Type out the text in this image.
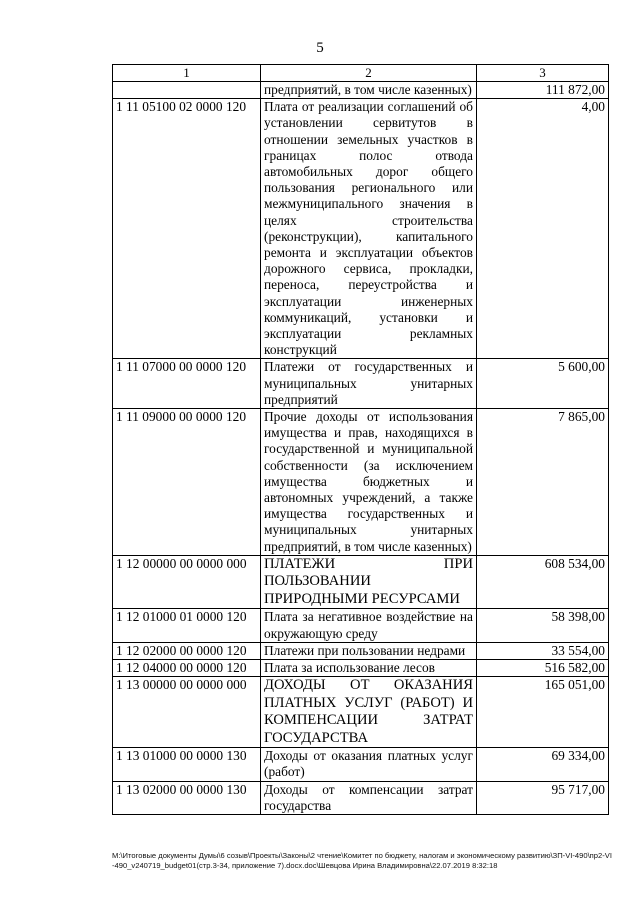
5
1	2	3
	предприятий, в том числе казенных)	111 872,00
1 11 05100 02 0000 120	Плата от реализации соглашений об установлении сервитутов в отношении земельных участков в границах полос отвода автомобильных дорог общего пользования регионального или межмуниципального значения в целях строительства (реконструкции), капитального ремонта и эксплуатации объектов дорожного сервиса, прокладки, переноса, переустройства и эксплуатации инженерных коммуникаций, установки и эксплуатации рекламных конструкций	4,00
1 11 07000 00 0000 120	Платежи от государственных и муниципальных унитарных предприятий	5 600,00
1 11 09000 00 0000 120	Прочие доходы от использования имущества и прав, находящихся в государственной и муниципальной собственности (за исключением имущества бюджетных и автономных учреждений, а также имущества государственных и муниципальных унитарных предприятий, в том числе казенных)	7 865,00
1 12 00000 00 0000 000	ПЛАТЕЖИ ПРИ ПОЛЬЗОВАНИИ ПРИРОДНЫМИ РЕСУРСАМИ	608 534,00
1 12 01000 01 0000 120	Плата за негативное воздействие на окружающую среду	58 398,00
1 12 02000 00 0000 120	Платежи при пользовании недрами	33 554,00
1 12 04000 00 0000 120	Плата за использование лесов	516 582,00
1 13 00000 00 0000 000	ДОХОДЫ ОТ ОКАЗАНИЯ ПЛАТНЫХ УСЛУГ (РАБОТ) И КОМПЕНСАЦИИ ЗАТРАТ ГОСУДАРСТВА	165 051,00
1 13 01000 00 0000 130	Доходы от оказания платных услуг (работ)	69 334,00
1 13 02000 00 0000 130	Доходы от компенсации затрат государства	95 717,00
М:\Итоговые документы Думы\6 созыв\Проекты\Законы\2 чтение\Комитет по бюджету, налогам и экономическому развитию\ЗП-VI-490\пр2-VI-490_v240719_budget01(стр.3-34, приложение 7).docx.doc\Шевцова Ирина Владимировна\22.07.2019 8:32:18
